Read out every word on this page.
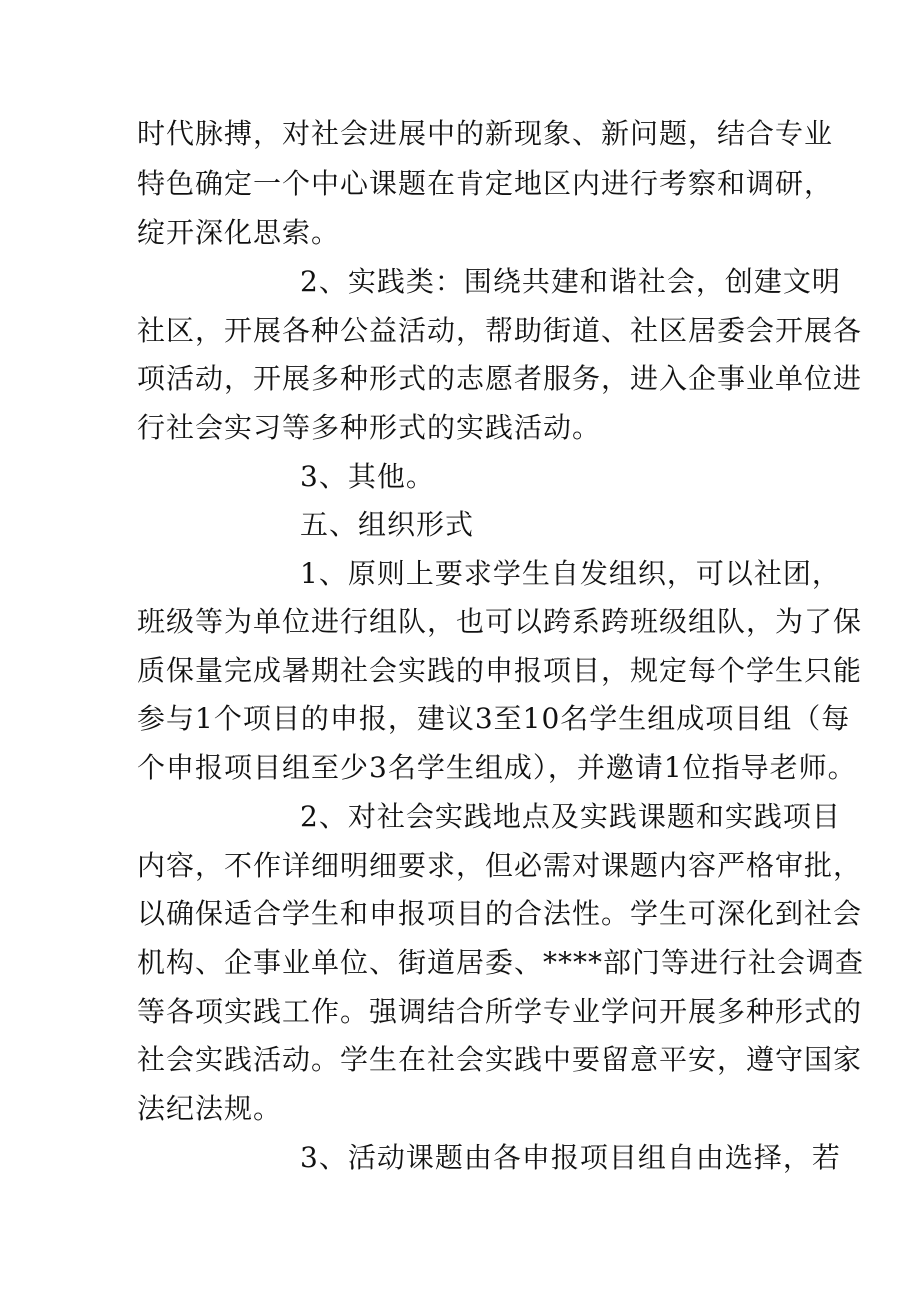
时代脉搏，对社会进展中的新现象、新问题，结合专业
特色确定一个中心课题在肯定地区内进行考察和调研，
绽开深化思索。
2、实践类：围绕共建和谐社会，创建文明
社区，开展各种公益活动，帮助街道、社区居委会开展各
项活动，开展多种形式的志愿者服务，进入企事业单位进
行社会实习等多种形式的实践活动。
3、其他。
五、组织形式
1、原则上要求学生自发组织，可以社团，
班级等为单位进行组队，也可以跨系跨班级组队，为了保
质保量完成暑期社会实践的申报项目，规定每个学生只能
参与1个项目的申报，建议3至10名学生组成项目组（每
个申报项目组至少3名学生组成），并邀请1位指导老师。
2、对社会实践地点及实践课题和实践项目
内容，不作详细明细要求，但必需对课题内容严格审批，
以确保适合学生和申报项目的合法性。学生可深化到社会
机构、企事业单位、街道居委、****部门等进行社会调查
等各项实践工作。强调结合所学专业学问开展多种形式的
社会实践活动。学生在社会实践中要留意平安，遵守国家
法纪法规。
3、活动课题由各申报项目组自由选择，若
